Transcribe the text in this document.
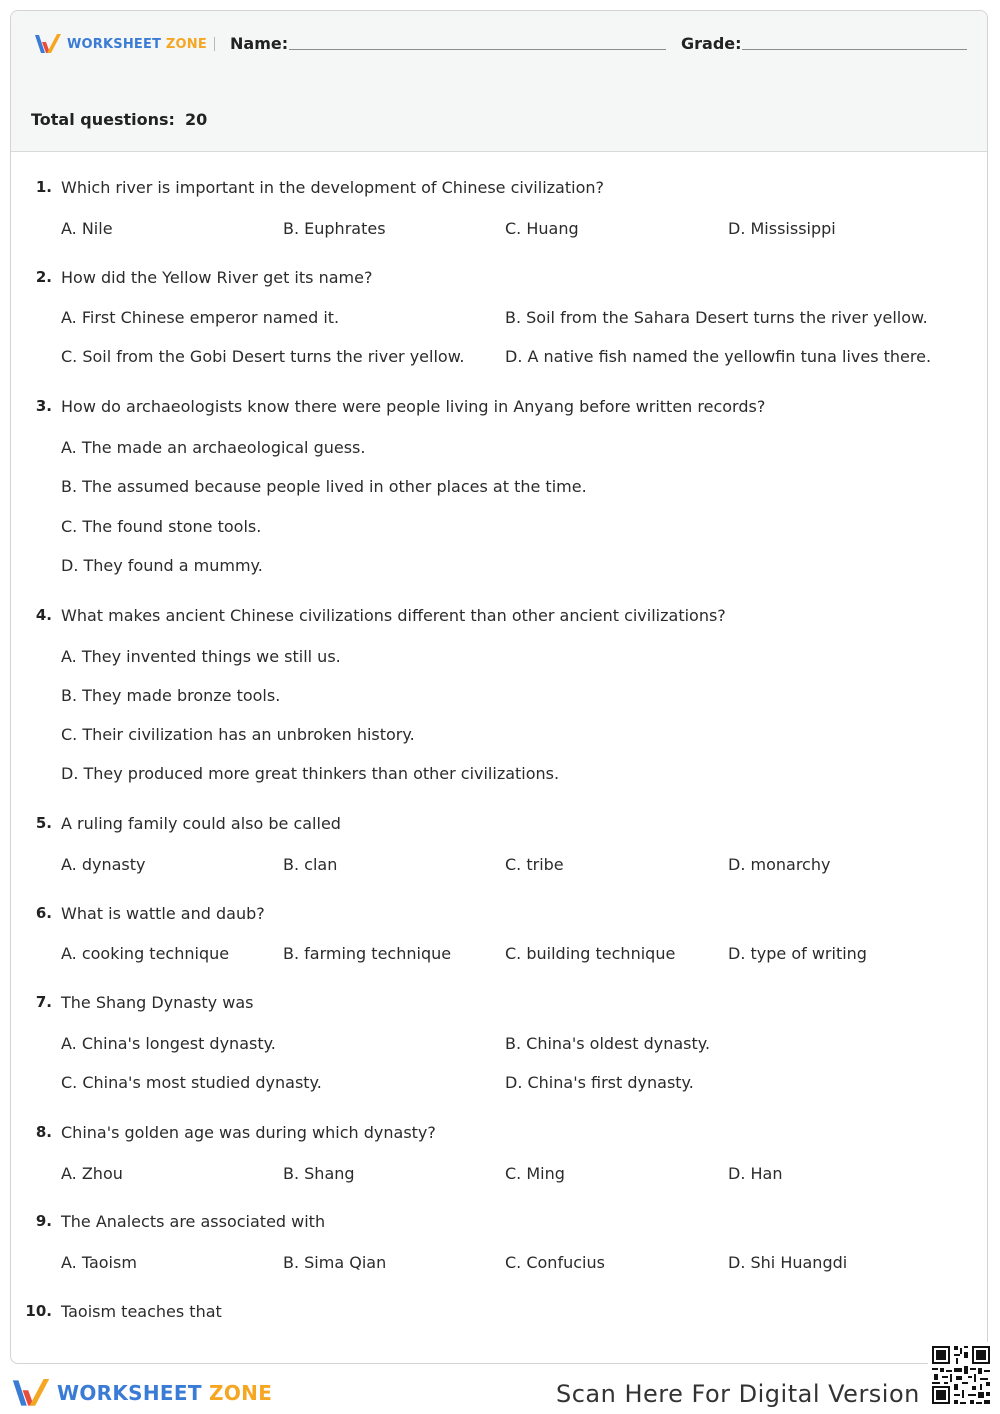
WORKSHEET ZONE Name:	Grade:
Total questions: 20
1. Which river is important in the development of Chinese civilization?
A. Nile	B. Euphrates	C. Huang	D. Mississippi
2. How did the Yellow River get its name?
A. First Chinese emperor named it.	B. Soil from the Sahara Desert turns the river yellow.
C. Soil from the Gobi Desert turns the river yellow.	D. A native fish named the yellowfin tuna lives there.
3. How do archaeologists know there were people living in Anyang before written records?
A. The made an archaeological guess.
B. The assumed because people lived in other places at the time.
C. The found stone tools.
D. They found a mummy.
4. What makes ancient Chinese civilizations different than other ancient civilizations?
A. They invented things we still us.
B. They made bronze tools.
C. Their civilization has an unbroken history.
D. They produced more great thinkers than other civilizations.
5. A ruling family could also be called
A. dynasty	B. clan	C. tribe	D. monarchy
6. What is wattle and daub?
A. cooking technique	B. farming technique	C. building technique	D. type of writing
7. The Shang Dynasty was
A. China's longest dynasty.	B. China's oldest dynasty.
C. China's most studied dynasty.	D. China's first dynasty.
8. China's golden age was during which dynasty?
A. Zhou	B. Shang	C. Ming	D. Han
9. The Analects are associated with
A. Taoism	B. Sima Qian	C. Confucius	D. Shi Huangdi
10. Taoism teaches that
WORKSHEET ZONE	Scan Here For Digital Version
